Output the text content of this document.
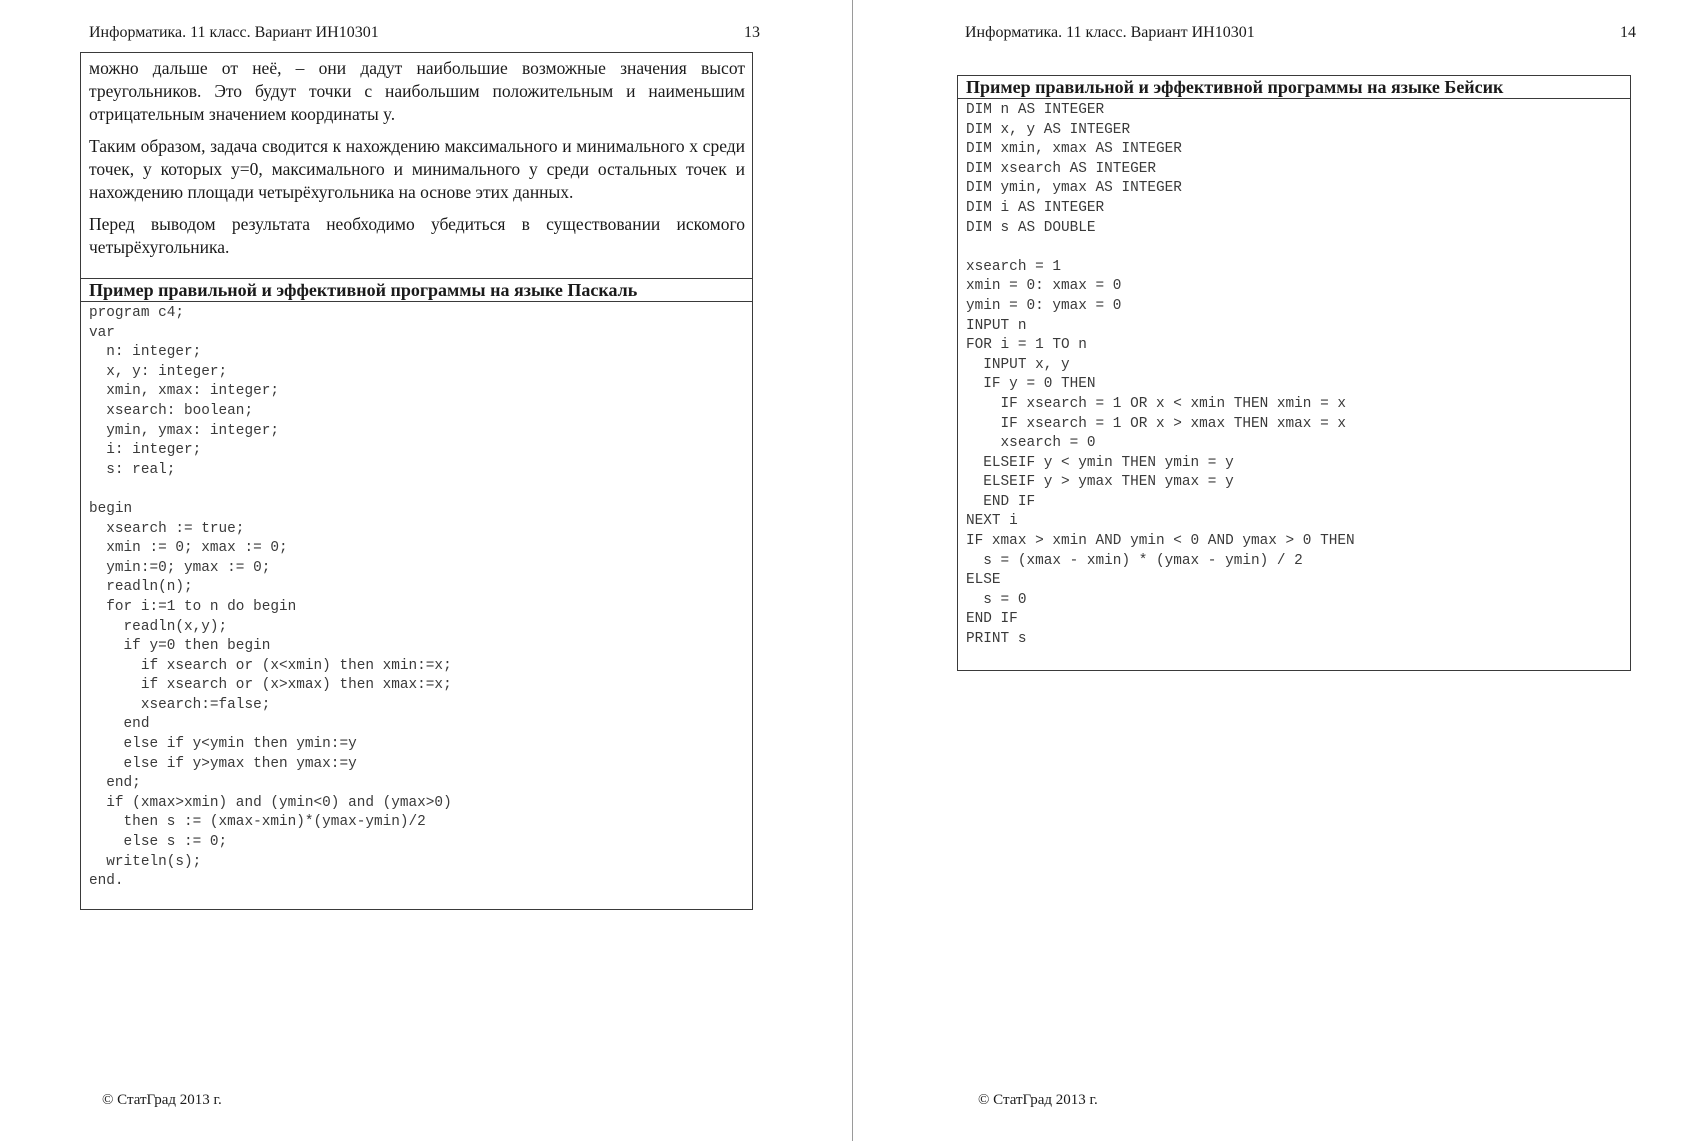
Информатика. 11 класс. Вариант ИН10301	13

можно дальше от неё, – они дадут наибольшие возможные значения высот треугольников. Это будут точки с наибольшим положительным и наименьшим отрицательным значением координаты y.

Таким образом, задача сводится к нахождению максимального и минимального x среди точек, у которых y=0, максимального и минимального y среди остальных точек и нахождению площади четырёхугольника на основе этих данных.

Перед выводом результата необходимо убедиться в существовании искомого четырёхугольника.

Пример правильной и эффективной программы на языке Паскаль
program c4;
var
n: integer;
x, y: integer;
xmin, xmax: integer;
xsearch: boolean;
ymin, ymax: integer;
i: integer;
s: real;

begin
xsearch := true;
xmin := 0; xmax := 0;
ymin:=0; ymax := 0;
readln(n);
for i:=1 to n do begin
readln(x,y);
if y=0 then begin
if xsearch or (x<xmin) then xmin:=x;
if xsearch or (x>xmax) then xmax:=x;
xsearch:=false;
end
else if y<ymin then ymin:=y
else if y>ymax then ymax:=y
end;
if (xmax>xmin) and (ymin<0) and (ymax>0)
then s := (xmax-xmin)*(ymax-ymin)/2
else s := 0;
writeln(s);
end.
© СтатГрад 2013 г.
Информатика. 11 класс. Вариант ИН10301	14
Пример правильной и эффективной программы на языке Бейсик
DIM n AS INTEGER
DIM x, y AS INTEGER
DIM xmin, xmax AS INTEGER
DIM xsearch AS INTEGER
DIM ymin, ymax AS INTEGER
DIM i AS INTEGER
DIM s AS DOUBLE

xsearch = 1
xmin = 0: xmax = 0
ymin = 0: ymax = 0
INPUT n
FOR i = 1 TO n
INPUT x, y
IF y = 0 THEN
IF xsearch = 1 OR x < xmin THEN xmin = x
IF xsearch = 1 OR x > xmax THEN xmax = x
xsearch = 0
ELSEIF y < ymin THEN ymin = y
ELSEIF y > ymax THEN ymax = y
END IF
NEXT i
IF xmax > xmin AND ymin < 0 AND ymax > 0 THEN
s = (xmax - xmin) * (ymax - ymin) / 2
ELSE
s = 0
END IF
PRINT s
© СтатГрад 2013 г.
